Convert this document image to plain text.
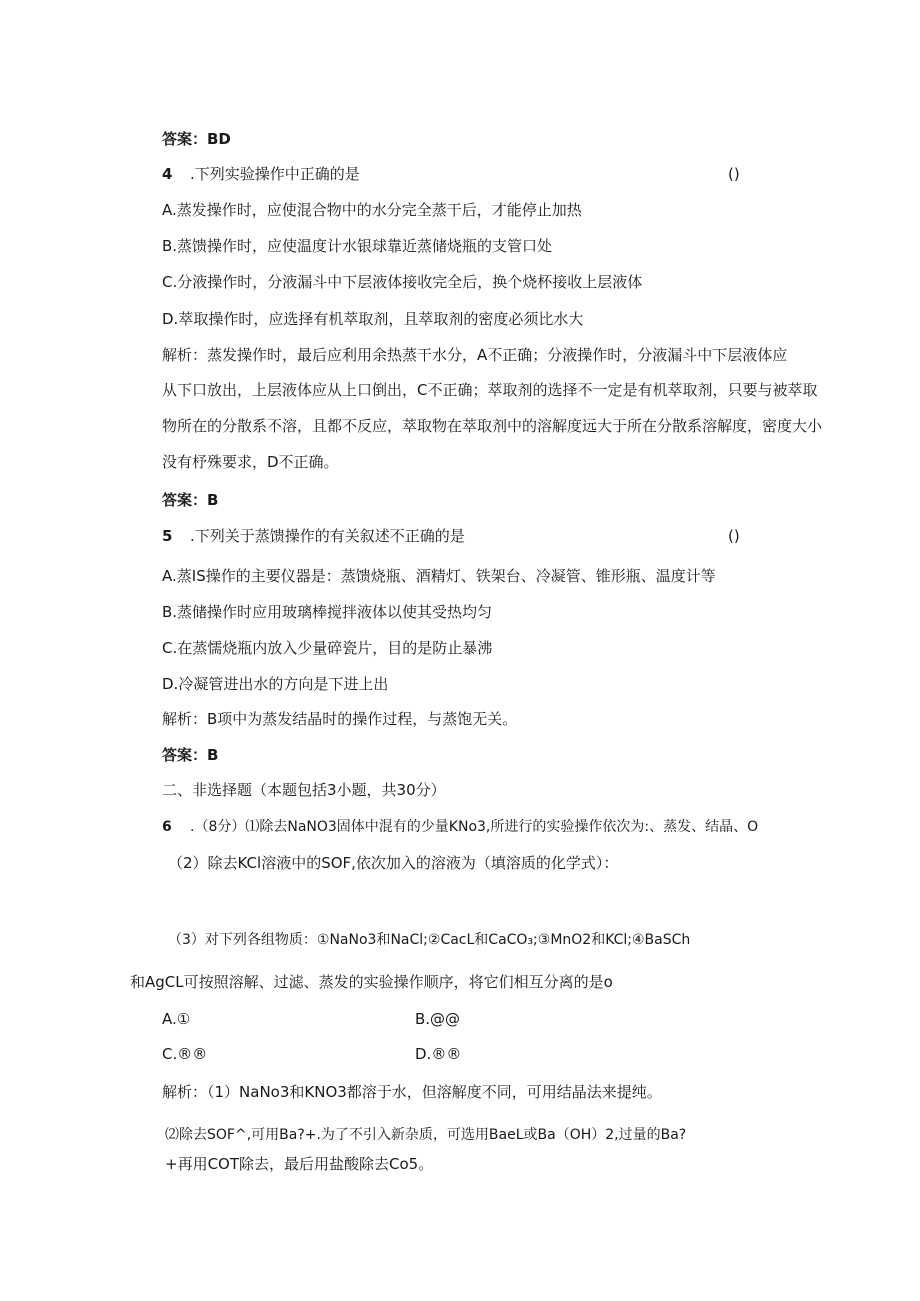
答案：BD
4 .下列实验操作中正确的是	()
A.蒸发操作时，应使混合物中的水分完全蒸干后，才能停止加热
B.蒸馈操作时，应使温度计水银球靠近蒸储烧瓶的支管口处
C.分液操作时，分液漏斗中下层液体接收完全后，换个烧杯接收上层液体
D.萃取操作时，应选择有机萃取剂，且萃取剂的密度必须比水大
解析：蒸发操作时，最后应利用余热蒸干水分，A不正确；分液操作时，分液漏斗中下层液体应
从下口放出，上层液体应从上口倒出，C不正确；萃取剂的选择不一定是有机萃取剂，只要与被萃取
物所在的分散系不溶，且都不反应，萃取物在萃取剂中的溶解度远大于所在分散系溶解度，密度大小
没有杼殊要求，D不正确。
答案：B
5 .下列关于蒸馈操作的有关叙述不正确的是	()
A.蒸IS操作的主要仪器是：蒸馈烧瓶、酒精灯、铁架台、冷凝管、锥形瓶、温度计等
B.蒸储操作时应用玻璃棒搅拌液体以使其受热均匀
C.在蒸懦烧瓶内放入少量碎瓷片，目的是防止暴沸
D.冷凝管进出水的方向是下进上出
解析：B项中为蒸发结晶时的操作过程，与蒸饱无关。
答案：B
二、非选择题（本题包括3小题，共30分）
6 .（8分）⑴除去NaNO3固体中混有的少量KNo3,所进行的实验操作依次为:、蒸发、结晶、O
（2）除去KCl溶液中的SOF,依次加入的溶液为（填溶质的化学式）：
（3）对下列各组物质：①NaNo3和NaCl;②CacL和CaCO₃;③MnO2和KCl;④BaSCh
和AgCL可按照溶解、过滤、蒸发的实验操作顺序，将它们相互分离的是o
A.①	B.@@
C.®®	D.®®
解析：（1）NaNo3和KNO3都溶于水，但溶解度不同，可用结晶法来提纯。
⑵除去SOF^,可用Ba?+.为了不引入新杂质，可选用BaeL或Ba（OH）2,过量的Ba?
+再用COT除去，最后用盐酸除去Co5。
